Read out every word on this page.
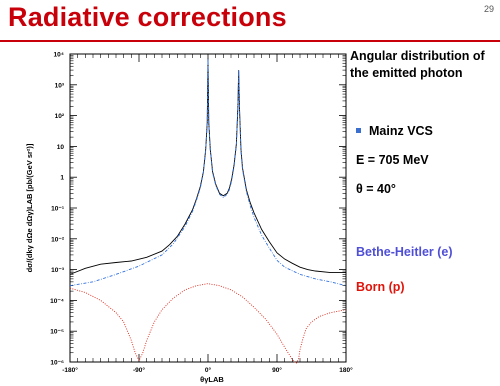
Radiative corrections	29
10⁻⁶
10⁻⁵
10⁻⁴
10⁻³
10⁻²
10⁻¹
1
10
10²
10³
10⁴
-180°	-90°	0°	90°	180°
θγLAB
dσ/(dkγ dΩe dΩγ)LAB [pb/(GeV sr²)]
Angular distribution of the emitted photon
Mainz VCS
E = 705 MeV
θ = 40°
Bethe-Heitler (e)
Born (p)
